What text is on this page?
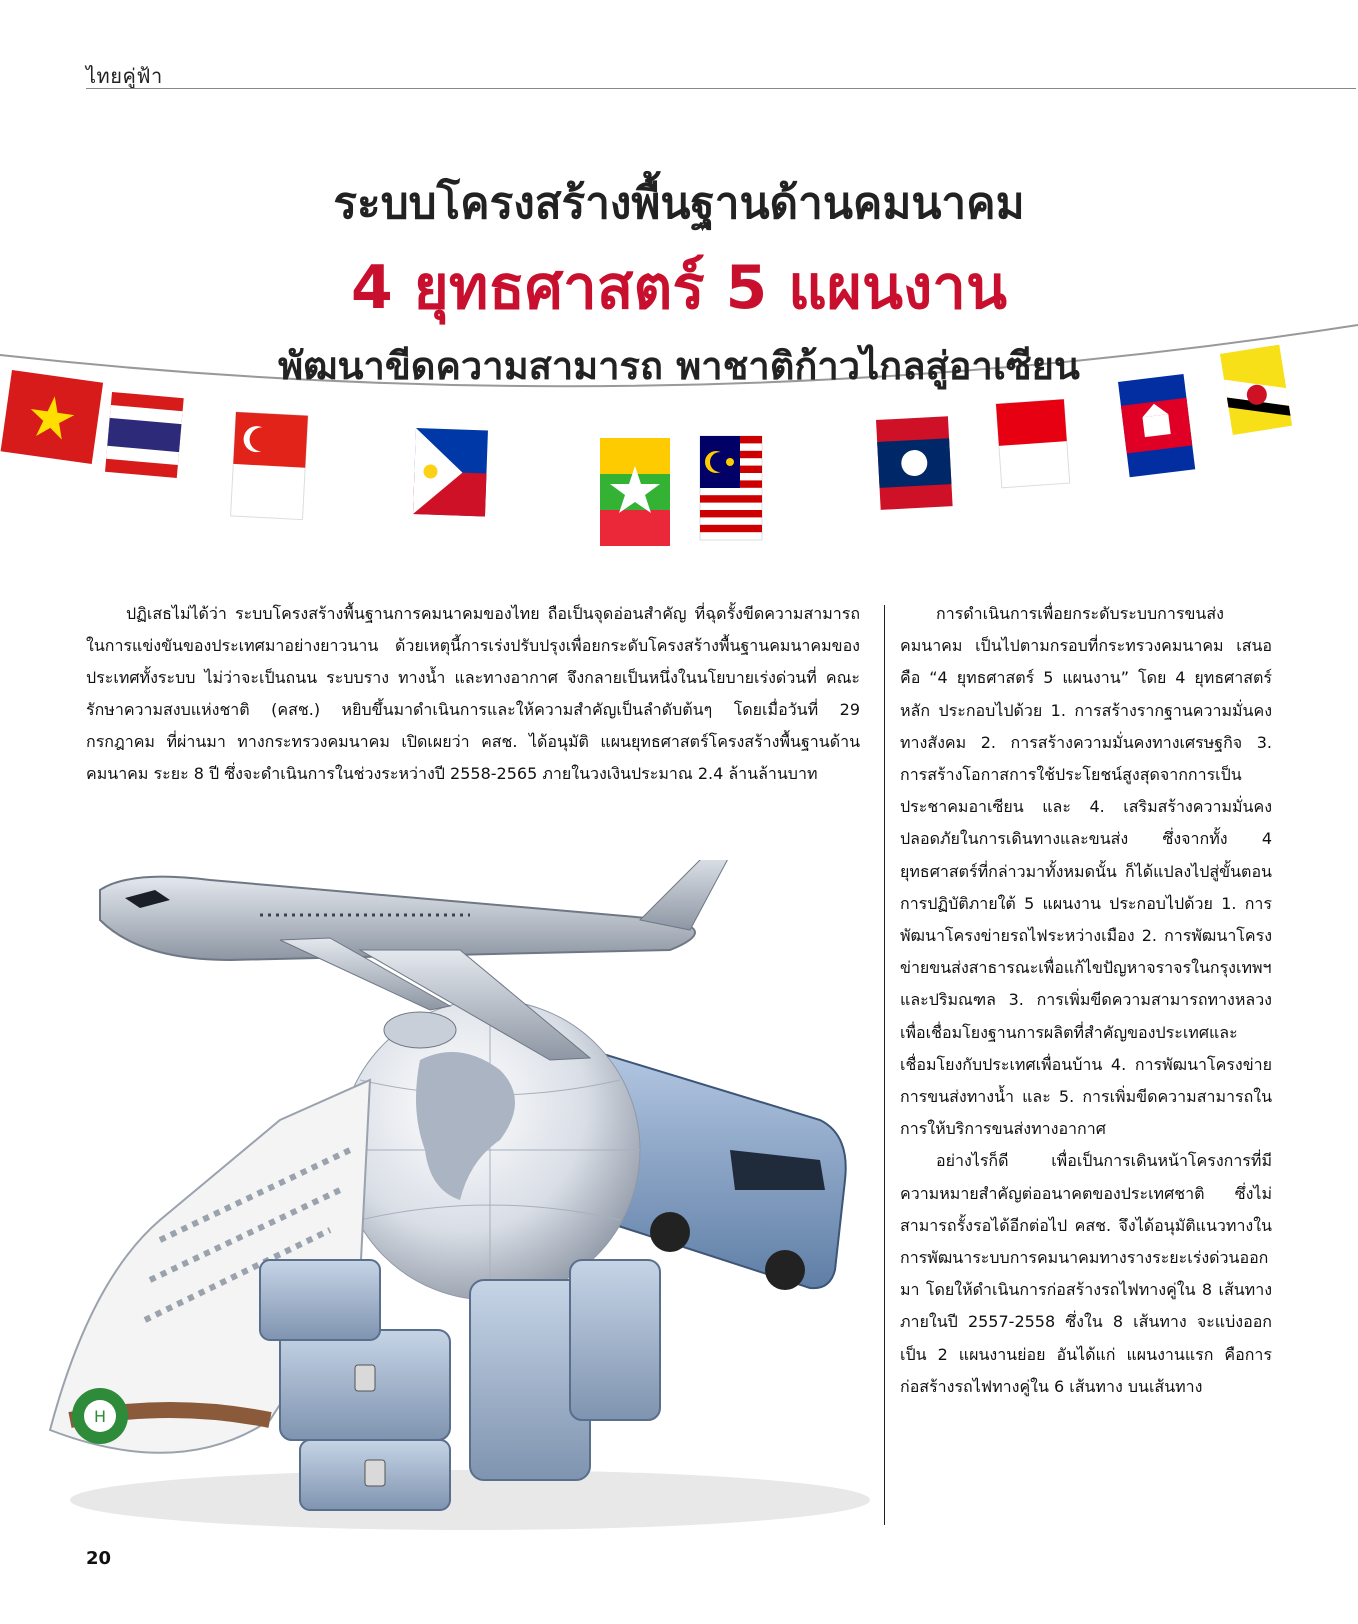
ไทยคู่ฟ้า
ระบบโครงสร้างพื้นฐานด้านคมนาคม
4 ยุทธศาสตร์ 5 แผนงาน
พัฒนาขีดความสามารถ พาชาติก้าวไกลสู่อาเซียน
ปฏิเสธไม่ได้ว่า ระบบโครงสร้างพื้นฐานการคมนาคมของไทย ถือเป็นจุดอ่อนสำคัญ ที่ฉุดรั้งขีดความสามารถในการแข่งขันของประเทศมาอย่างยาวนาน ด้วยเหตุนี้การเร่งปรับปรุงเพื่อยกระดับโครงสร้างพื้นฐานคมนาคมของประเทศทั้งระบบ ไม่ว่าจะเป็นถนน ระบบราง ทางน้ำ และทางอากาศ จึงกลายเป็นหนึ่งในนโยบายเร่งด่วนที่ คณะรักษาความสงบแห่งชาติ (คสช.) หยิบขึ้นมาดำเนินการและให้ความสำคัญเป็นลำดับต้นๆ โดยเมื่อวันที่ 29 กรกฎาคม ที่ผ่านมา ทางกระทรวงคมนาคม เปิดเผยว่า คสช. ได้อนุมัติ แผนยุทธศาสตร์โครงสร้างพื้นฐานด้านคมนาคม ระยะ 8 ปี ซึ่งจะดำเนินการในช่วงระหว่างปี 2558-2565 ภายในวงเงินประมาณ 2.4 ล้านล้านบาท

การดำเนินการเพื่อยกระดับระบบการขนส่งคมนาคม เป็นไปตามกรอบที่กระทรวงคมนาคม เสนอคือ “4 ยุทธศาสตร์ 5 แผนงาน” โดย 4 ยุทธศาสตร์หลัก ประกอบไปด้วย 1. การสร้างรากฐานความมั่นคงทางสังคม 2. การสร้างความมั่นคงทางเศรษฐกิจ 3. การสร้างโอกาสการใช้ประโยชน์สูงสุดจากการเป็นประชาคมอาเซียน และ 4. เสริมสร้างความมั่นคงปลอดภัยในการเดินทางและขนส่ง ซึ่งจากทั้ง 4 ยุทธศาสตร์ที่กล่าวมาทั้งหมดนั้น ก็ได้แปลงไปสู่ขั้นตอนการปฏิบัติภายใต้ 5 แผนงาน ประกอบไปด้วย 1. การพัฒนาโครงข่ายรถไฟระหว่างเมือง 2. การพัฒนาโครงข่ายขนส่งสาธารณะเพื่อแก้ไขปัญหาจราจรในกรุงเทพฯ และปริมณฑล 3. การเพิ่มขีดความสามารถทางหลวงเพื่อเชื่อมโยงฐานการผลิตที่สำคัญของประเทศและเชื่อมโยงกับประเทศเพื่อนบ้าน 4. การพัฒนาโครงข่ายการขนส่งทางน้ำ และ 5. การเพิ่มขีดความสามารถในการให้บริการขนส่งทางอากาศ

อย่างไรก็ดี เพื่อเป็นการเดินหน้าโครงการที่มีความหมายสำคัญต่ออนาคตของประเทศชาติ ซึ่งไม่สามารถรั้งรอได้อีกต่อไป คสช. จึงได้อนุมัติแนวทางในการพัฒนาระบบการคมนาคมทางรางระยะเร่งด่วนออกมา โดยให้ดำเนินการก่อสร้างรถไฟทางคู่ใน 8 เส้นทาง ภายในปี 2557-2558 ซึ่งใน 8 เส้นทาง จะแบ่งออกเป็น 2 แผนงานย่อย อันได้แก่ แผนงานแรก คือการก่อสร้างรถไฟทางคู่ใน 6 เส้นทาง บนเส้นทาง

H
20
